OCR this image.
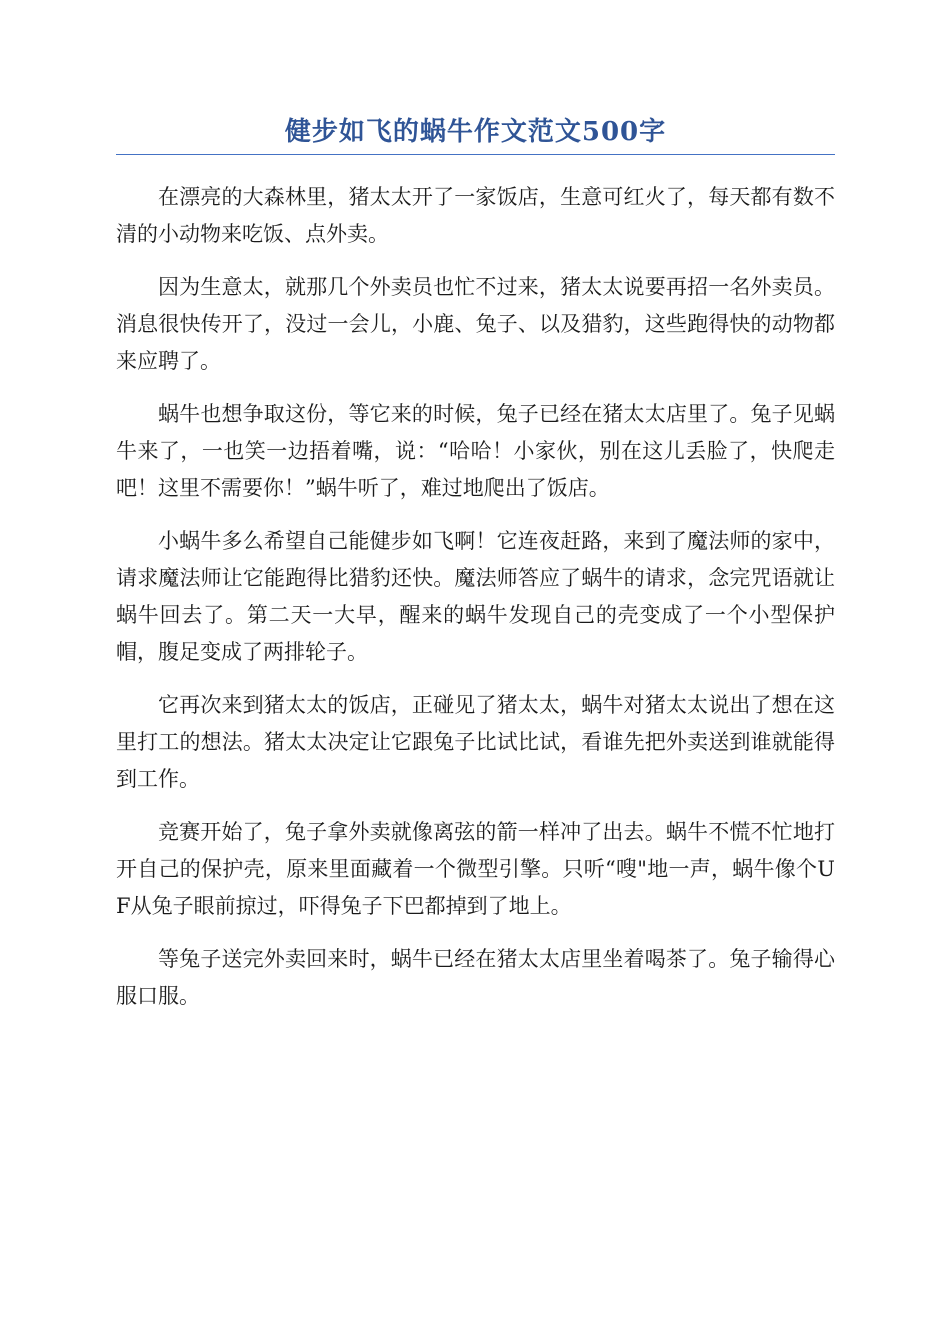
健步如飞的蜗牛作文范文500字

在漂亮的大森林里，猪太太开了一家饭店，生意可红火了，每天都有数不清的小动物来吃饭、点外卖。

因为生意太，就那几个外卖员也忙不过来，猪太太说要再招一名外卖员。消息很快传开了，没过一会儿，小鹿、兔子、以及猎豹，这些跑得快的动物都来应聘了。

蜗牛也想争取这份，等它来的时候，兔子已经在猪太太店里了。兔子见蜗牛来了，一也笑一边捂着嘴，说：“哈哈！小家伙，别在这儿丢脸了，快爬走吧！这里不需要你！”蜗牛听了，难过地爬出了饭店。

小蜗牛多么希望自己能健步如飞啊！它连夜赶路，来到了魔法师的家中，请求魔法师让它能跑得比猎豹还快。魔法师答应了蜗牛的请求，念完咒语就让蜗牛回去了。第二天一大早，醒来的蜗牛发现自己的壳变成了一个小型保护帽，腹足变成了两排轮子。

它再次来到猪太太的饭店，正碰见了猪太太，蜗牛对猪太太说出了想在这里打工的想法。猪太太决定让它跟兔子比试比试，看谁先把外卖送到谁就能得到工作。

竞赛开始了，兔子拿外卖就像离弦的箭一样冲了出去。蜗牛不慌不忙地打开自己的保护壳，原来里面藏着一个微型引擎。只听“嗖"地一声，蜗牛像个UF从兔子眼前掠过，吓得兔子下巴都掉到了地上。

等兔子送完外卖回来时，蜗牛已经在猪太太店里坐着喝茶了。兔子输得心服口服。
